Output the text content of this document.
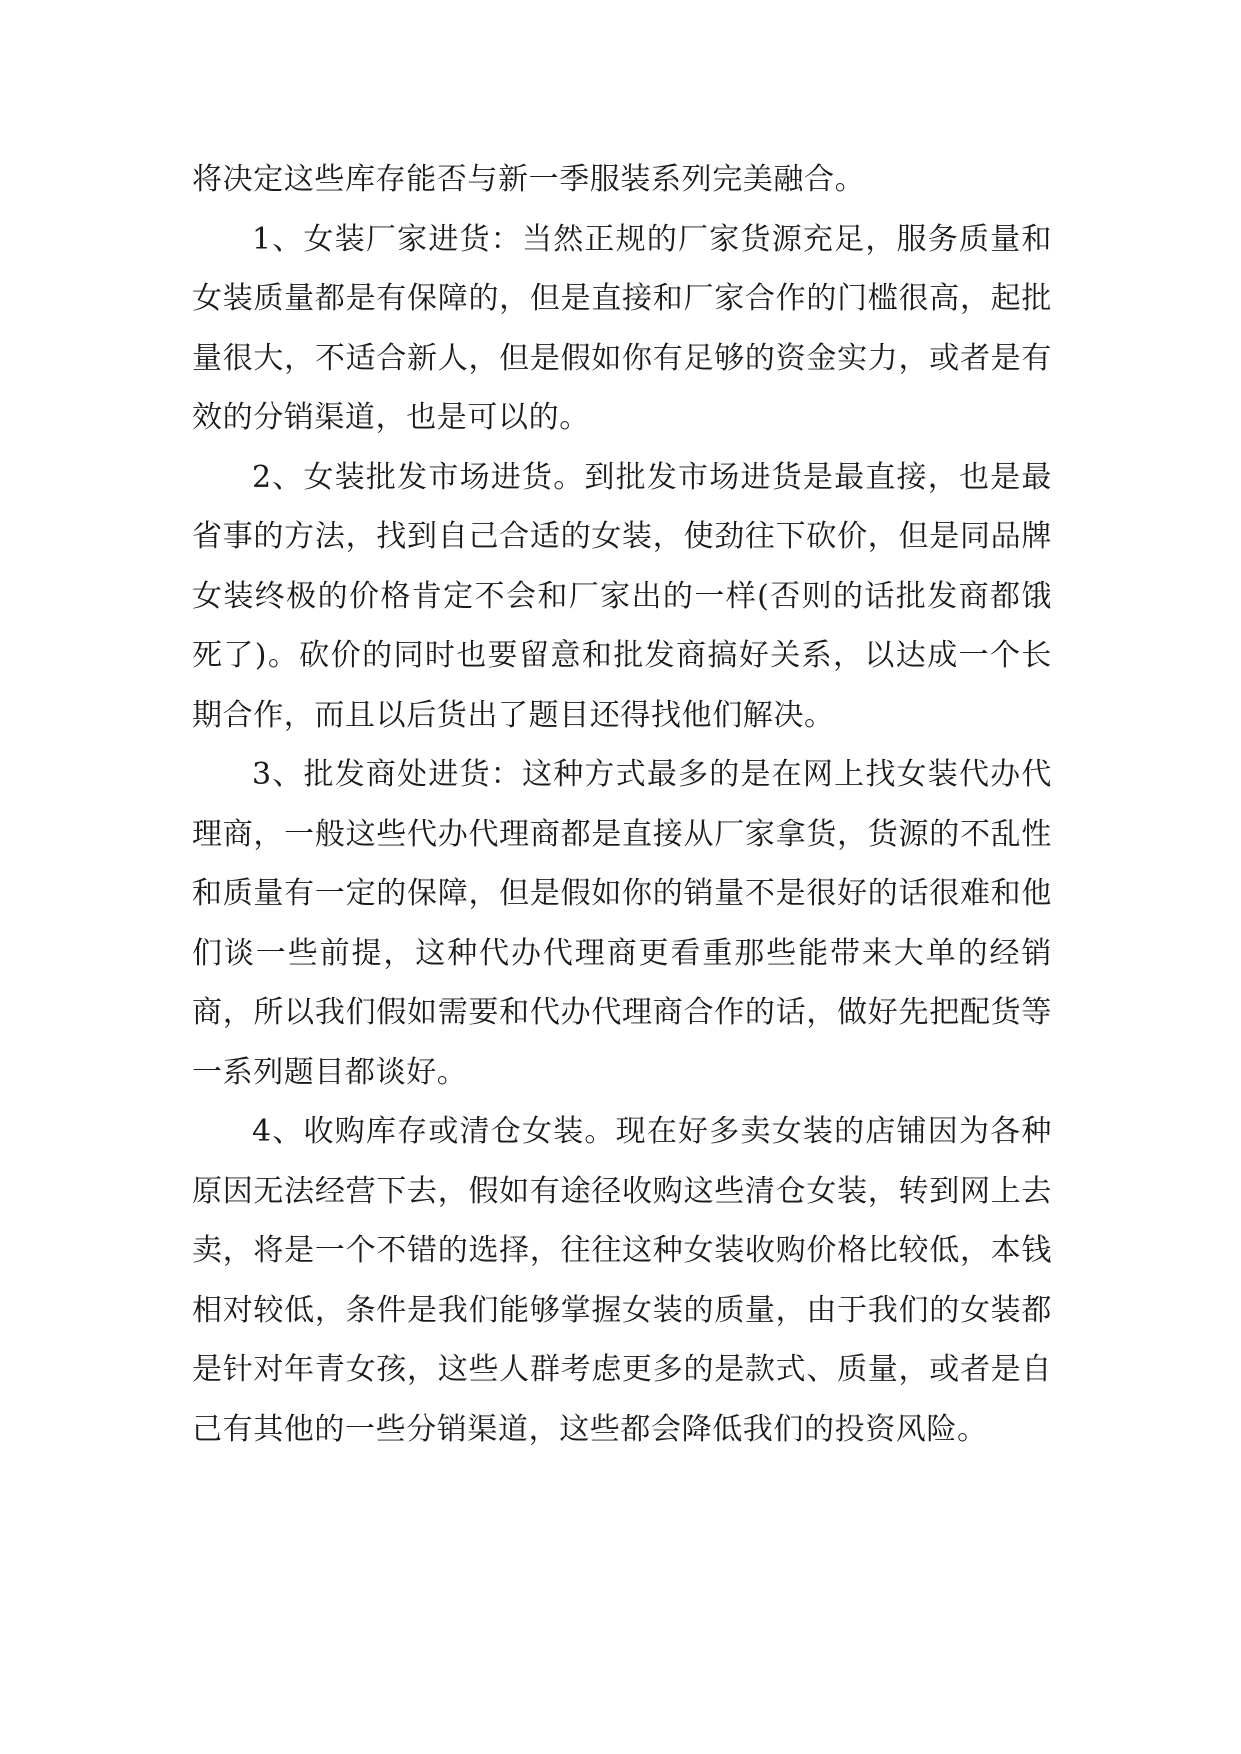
将决定这些库存能否与新一季服装系列完美融合。

1、女装厂家进货：当然正规的厂家货源充足，服务质量和女装质量都是有保障的，但是直接和厂家合作的门槛很高，起批量很大，不适合新人，但是假如你有足够的资金实力，或者是有效的分销渠道，也是可以的。

2、女装批发市场进货。到批发市场进货是最直接，也是最省事的方法，找到自己合适的女装，使劲往下砍价，但是同品牌女装终极的价格肯定不会和厂家出的一样(否则的话批发商都饿死了)。砍价的同时也要留意和批发商搞好关系，以达成一个长期合作，而且以后货出了题目还得找他们解决。

3、批发商处进货：这种方式最多的是在网上找女装代办代理商，一般这些代办代理商都是直接从厂家拿货，货源的不乱性和质量有一定的保障，但是假如你的销量不是很好的话很难和他们谈一些前提，这种代办代理商更看重那些能带来大单的经销商，所以我们假如需要和代办代理商合作的话，做好先把配货等一系列题目都谈好。

4、收购库存或清仓女装。现在好多卖女装的店铺因为各种原因无法经营下去，假如有途径收购这些清仓女装，转到网上去卖，将是一个不错的选择，往往这种女装收购价格比较低，本钱相对较低，条件是我们能够掌握女装的质量，由于我们的女装都是针对年青女孩，这些人群考虑更多的是款式、质量，或者是自己有其他的一些分销渠道，这些都会降低我们的投资风险。
